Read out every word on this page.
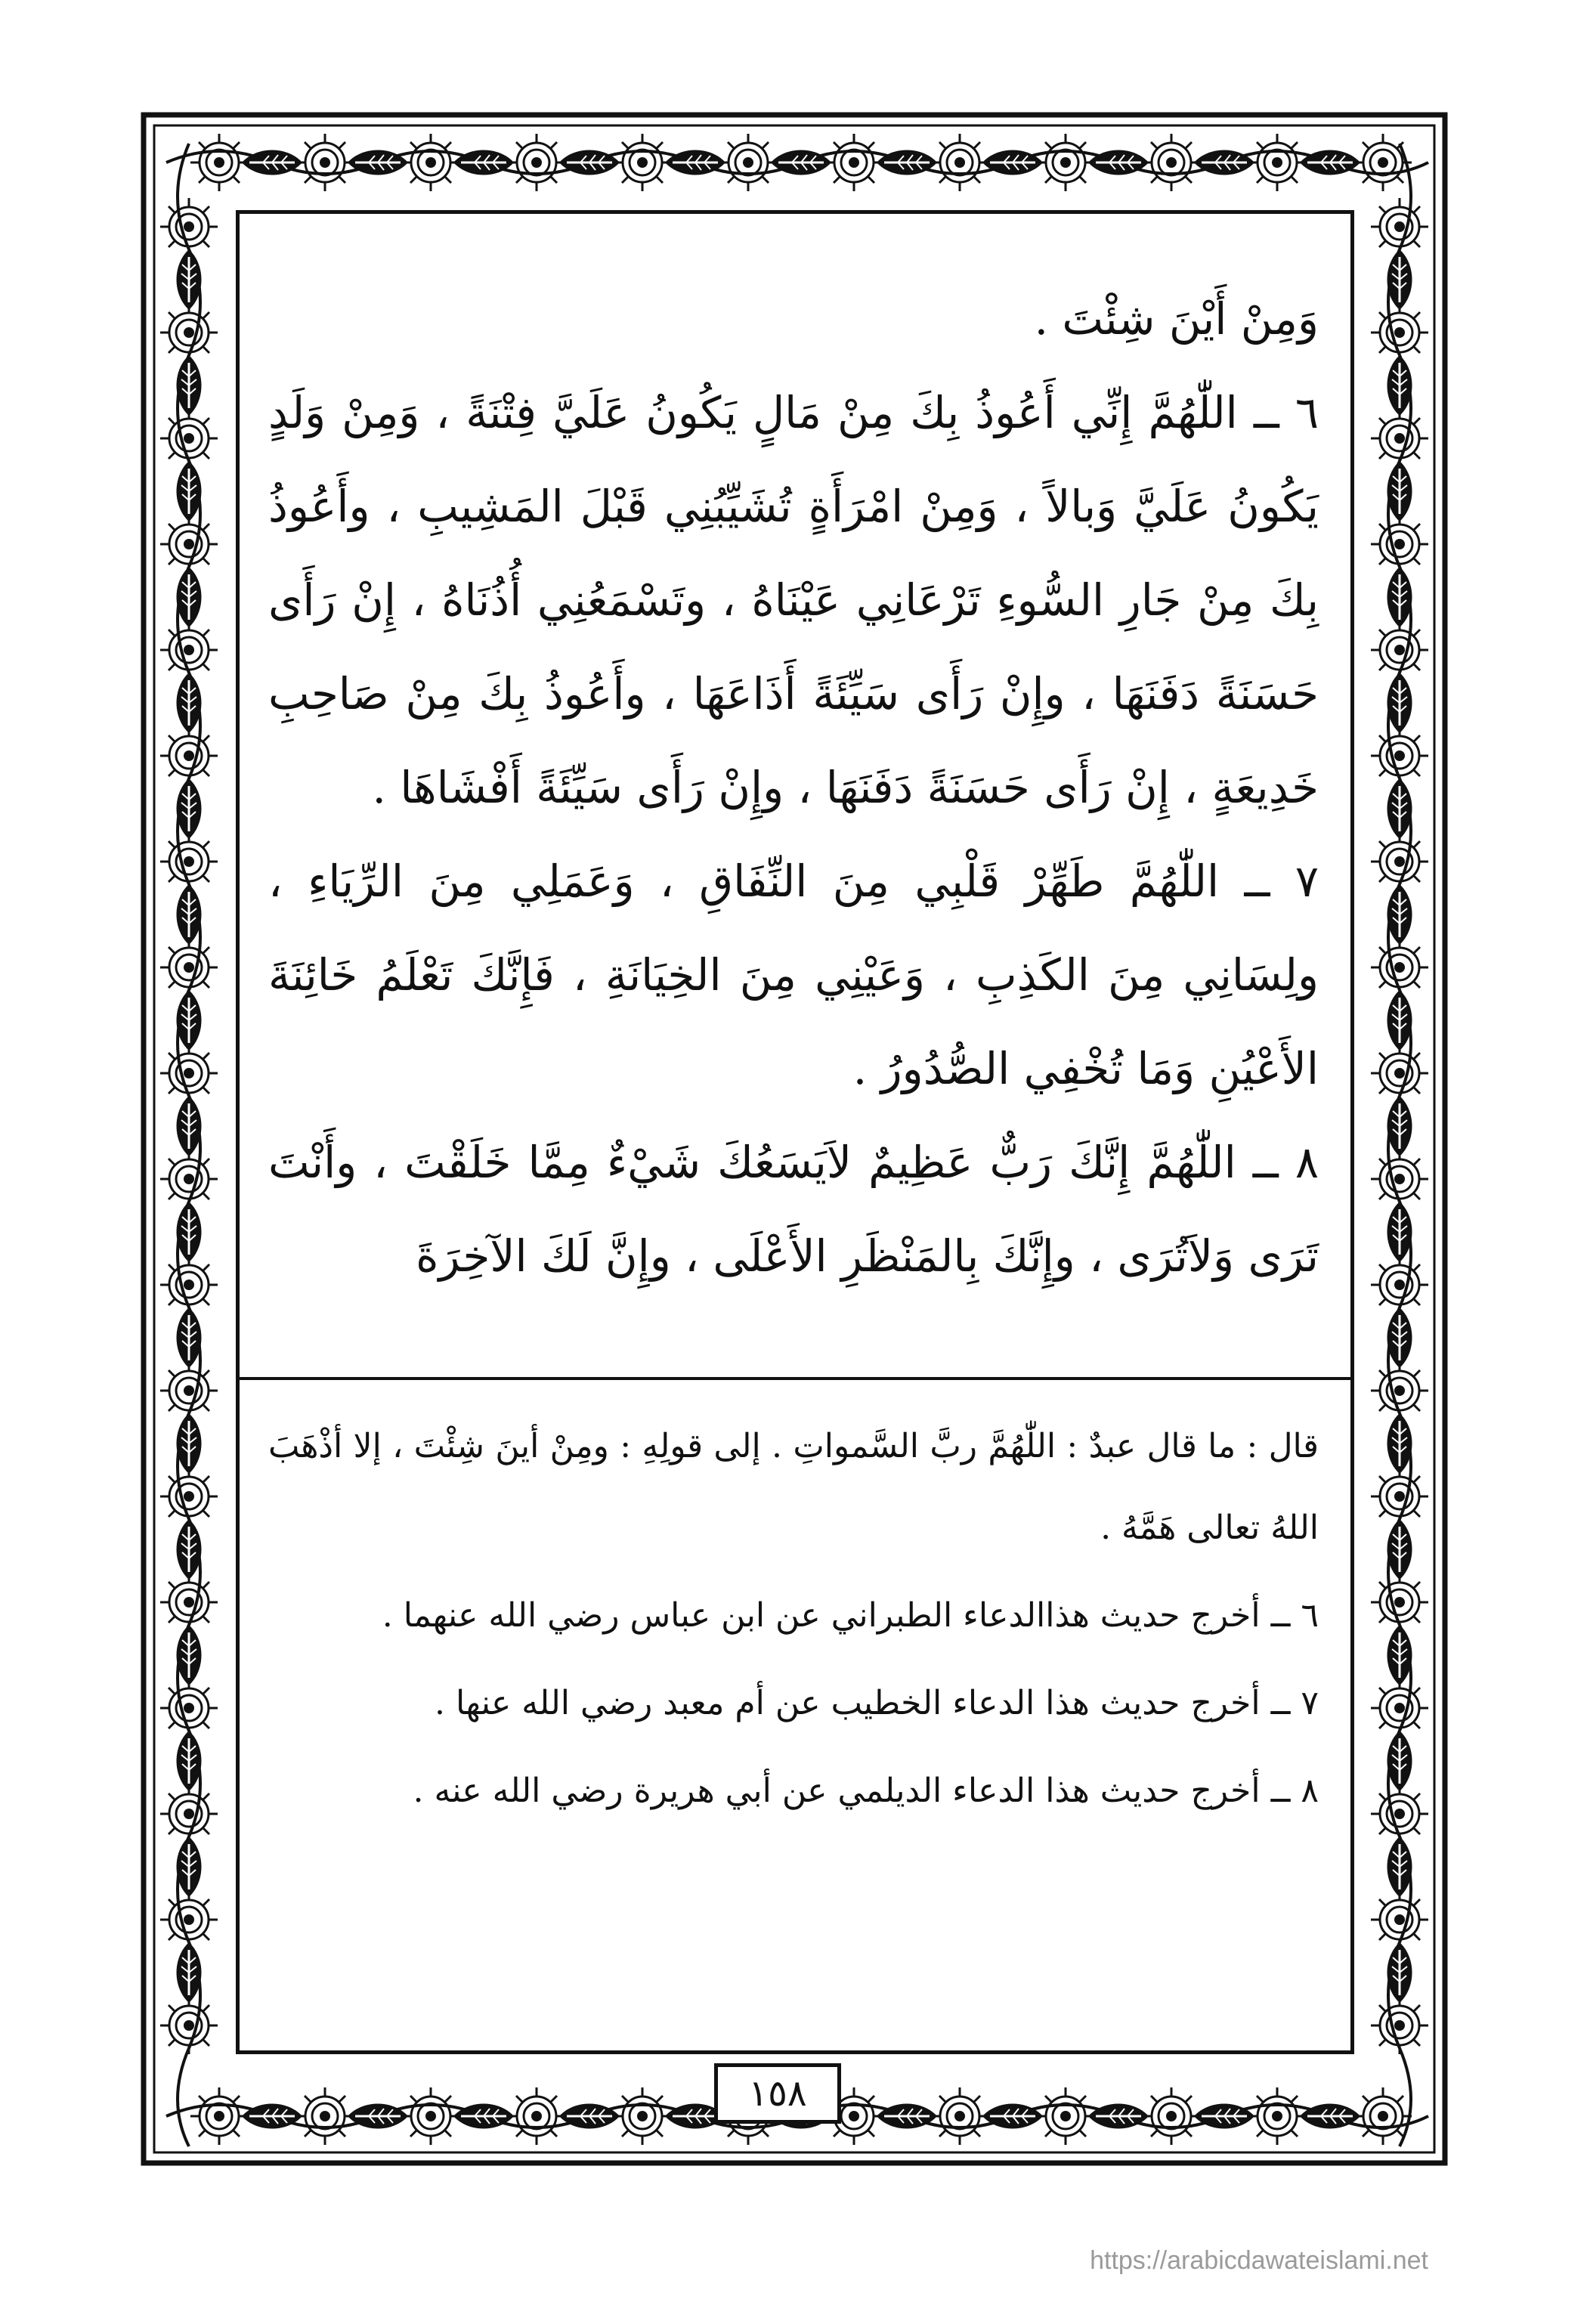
وَمِنْ أَيْنَ شِئْتَ .

٦ ــ اللّٰهُمَّ إِنِّي أَعُوذُ بِكَ مِنْ مَالٍ يَكُونُ عَلَيَّ فِتْنَةً ، وَمِنْ وَلَدٍ يَكُونُ عَلَيَّ وَبالاً ، وَمِنْ امْرَأَةٍ تُشَيِّبُنِي قَبْلَ المَشِيبِ ، وأَعُوذُ بِكَ مِنْ جَارِ السُّوءِ تَرْعَانِي عَيْنَاهُ ، وتَسْمَعُنِي أُذُنَاهُ ، إِنْ رَأَى حَسَنَةً دَفَنَهَا ، وإِنْ رَأَى سَيِّئَةً أَذَاعَهَا ، وأَعُوذُ بِكَ مِنْ صَاحِبِ خَدِيعَةٍ ، إِنْ رَأَى حَسَنَةً دَفَنَهَا ، وإِنْ رَأَى سَيِّئَةً أَفْشَاهَا .

٧ ــ اللّٰهُمَّ طَهِّرْ قَلْبِي مِنَ النِّفَاقِ ، وَعَمَلِي مِنَ الرِّيَاءِ ، ولِسَانِي مِنَ الكَذِبِ ، وَعَيْنِي مِنَ الخِيَانَةِ ، فَإِنَّكَ تَعْلَمُ خَائِنَةَ الأَعْيُنِ وَمَا تُخْفِي الصُّدُورُ .

٨ ــ اللّٰهُمَّ إِنَّكَ رَبٌّ عَظِيمٌ لاَيَسَعُكَ شَيْءٌ مِمَّا خَلَقْتَ ، وأَنْتَ تَرَى وَلاَتُرَى ، وإِنَّكَ بِالمَنْظَرِ الأَعْلَى ، وإِنَّ لَكَ الآخِرَةَ

قال : ما قال عبدٌ : اللّٰهُمَّ ربَّ السَّمواتِ . إلى قولِهِ : ومِنْ أينَ شِئْتَ ، إلا أذْهَبَ اللهُ تعالى هَمَّهُ .

٦ ــ أخرج حديث هذاالدعاء الطبراني عن ابن عباس رضي الله عنهما .

٧ ــ أخرج حديث هذا الدعاء الخطيب عن أم معبد رضي الله عنها .

٨ ــ أخرج حديث هذا الدعاء الديلمي عن أبي هريرة رضي الله عنه .

١٥٨
https://arabicdawateislami.net
